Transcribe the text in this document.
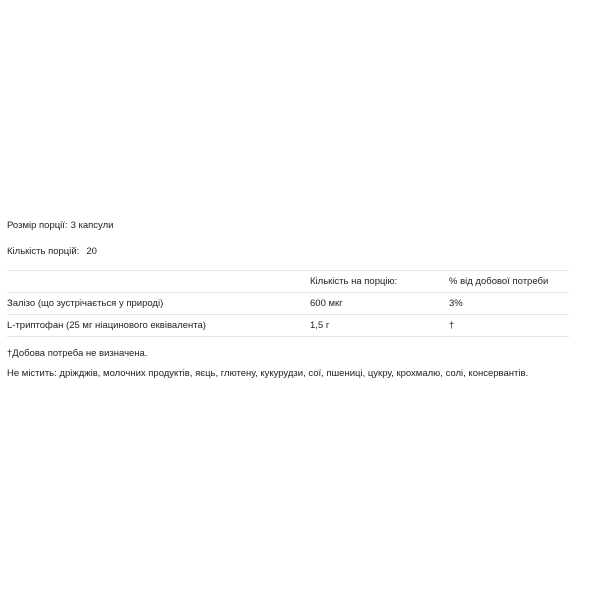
Розмір порції: 3 капсули
Кількість порцій: 20
	Кількість на порцію:	% від добової потреби
Залізо (що зустрічається у природі)	600 мкг	3%
L-триптофан (25 мг ніацинового еквівалента)	1,5 г	†
†Добова потреба не визначена.
Не містить: дріжджів, молочних продуктів, яєць, глютену, кукурудзи, сої, пшениці, цукру, крохмалю, солі, консервантів.
